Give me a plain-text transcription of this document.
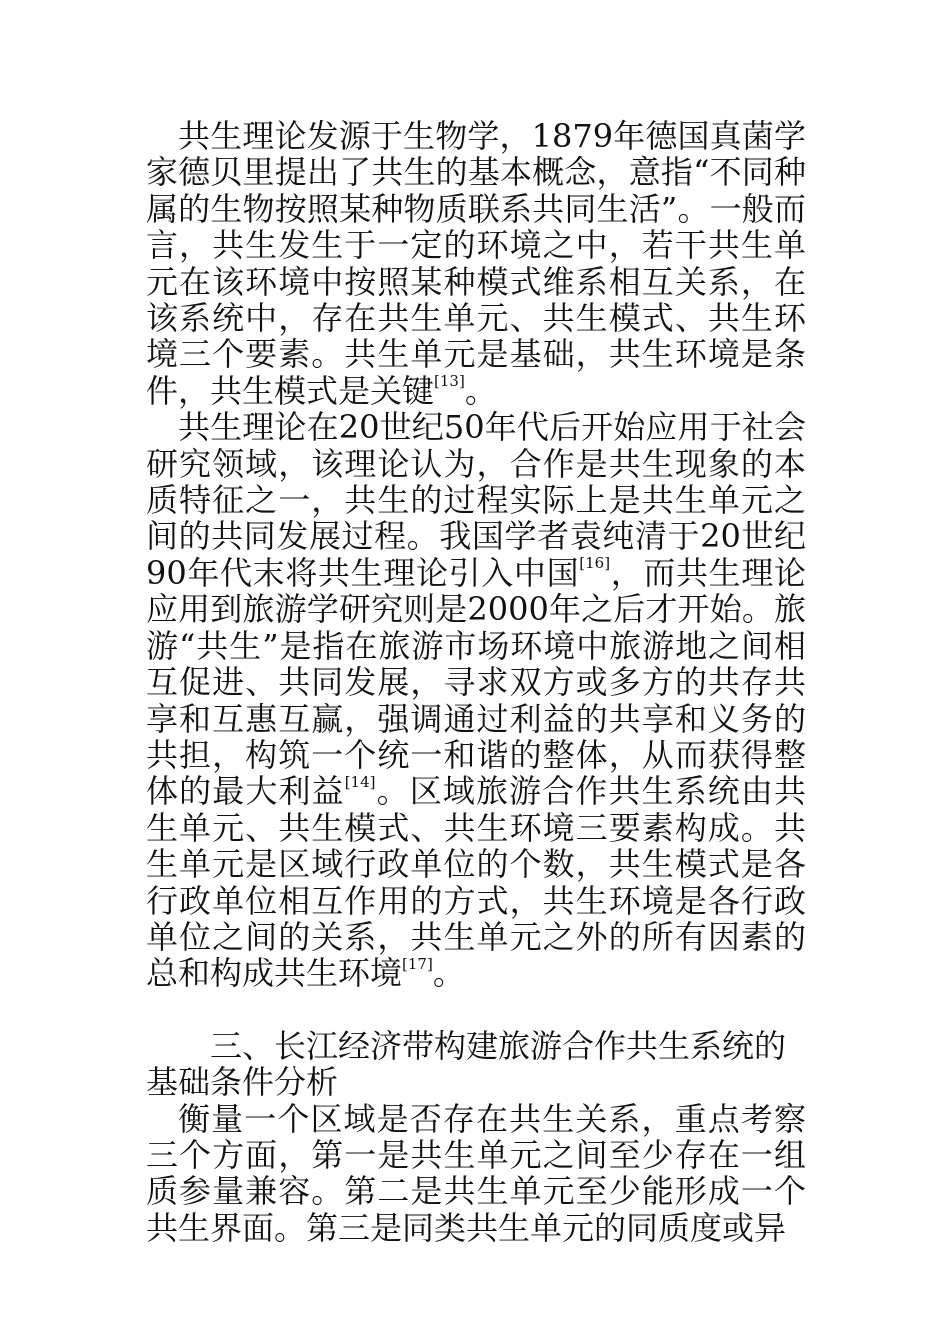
共生理论发源于生物学，1879年德国真菌学家德贝里提出了共生的基本概念，意指“不同种属的生物按照某种物质联系共同生活”。一般而言，共生发生于一定的环境之中，若干共生单元在该环境中按照某种模式维系相互关系，在该系统中，存在共生单元、共生模式、共生环境三个要素。共生单元是基础，共生环境是条件，共生模式是关键[13]。

共生理论在20世纪50年代后开始应用于社会研究领域，该理论认为，合作是共生现象的本质特征之一，共生的过程实际上是共生单元之间的共同发展过程。我国学者袁纯清于20世纪90年代末将共生理论引入中国[16]，而共生理论应用到旅游学研究则是2000年之后才开始。旅游“共生”是指在旅游市场环境中旅游地之间相互促进、共同发展，寻求双方或多方的共存共享和互惠互赢，强调通过利益的共享和义务的共担，构筑一个统一和谐的整体，从而获得整体的最大利益[14]。区域旅游合作共生系统由共生单元、共生模式、共生环境三要素构成。共生单元是区域行政单位的个数，共生模式是各行政单位相互作用的方式，共生环境是各行政单位之间的关系，共生单元之外的所有因素的总和构成共生环境[17]。

三、长江经济带构建旅游合作共生系统的基础条件分析

衡量一个区域是否存在共生关系，重点考察三个方面，第一是共生单元之间至少存在一组质参量兼容。第二是共生单元至少能形成一个共生界面。第三是同类共生单元的同质度或异
